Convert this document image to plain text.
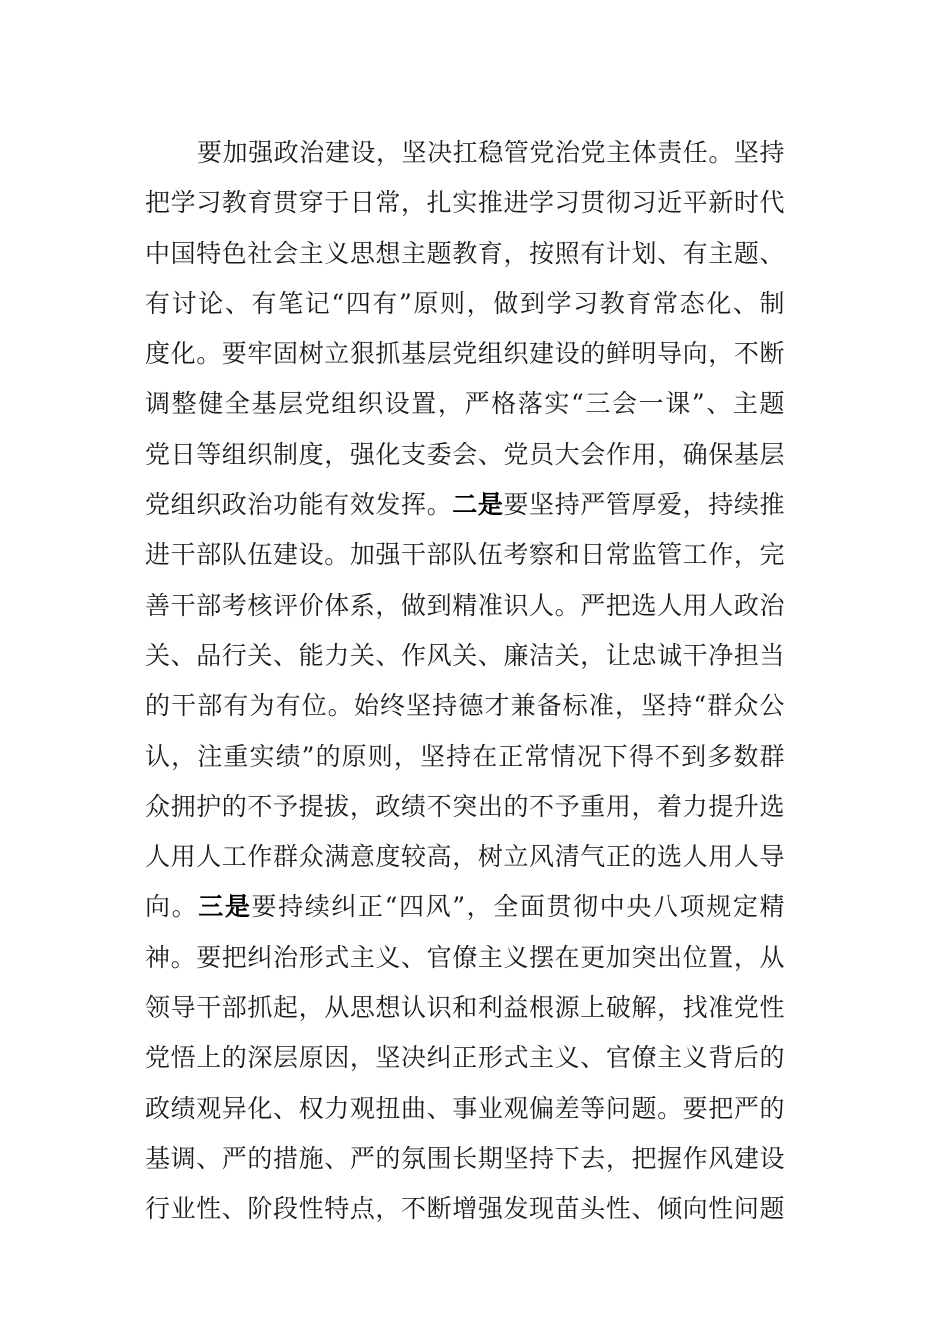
要加强政治建设，坚决扛稳管党治党主体责任。坚持
把学习教育贯穿于日常，扎实推进学习贯彻习近平新时代
中国特色社会主义思想主题教育，按照有计划、有主题、
有讨论、有笔记“四有”原则，做到学习教育常态化、制
度化。要牢固树立狠抓基层党组织建设的鲜明导向，不断
调整健全基层党组织设置，严格落实“三会一课”、主题
党日等组织制度，强化支委会、党员大会作用，确保基层
党组织政治功能有效发挥。二是要坚持严管厚爱，持续推
进干部队伍建设。加强干部队伍考察和日常监管工作，完
善干部考核评价体系，做到精准识人。严把选人用人政治
关、品行关、能力关、作风关、廉洁关，让忠诚干净担当
的干部有为有位。始终坚持德才兼备标准，坚持“群众公
认，注重实绩”的原则，坚持在正常情况下得不到多数群
众拥护的不予提拔，政绩不突出的不予重用，着力提升选
人用人工作群众满意度较高，树立风清气正的选人用人导
向。三是要持续纠正“四风”，全面贯彻中央八项规定精
神。要把纠治形式主义、官僚主义摆在更加突出位置，从
领导干部抓起，从思想认识和利益根源上破解，找准党性
党悟上的深层原因，坚决纠正形式主义、官僚主义背后的
政绩观异化、权力观扭曲、事业观偏差等问题。要把严的
基调、严的措施、严的氛围长期坚持下去，把握作风建设
行业性、阶段性特点，不断增强发现苗头性、倾向性问题
